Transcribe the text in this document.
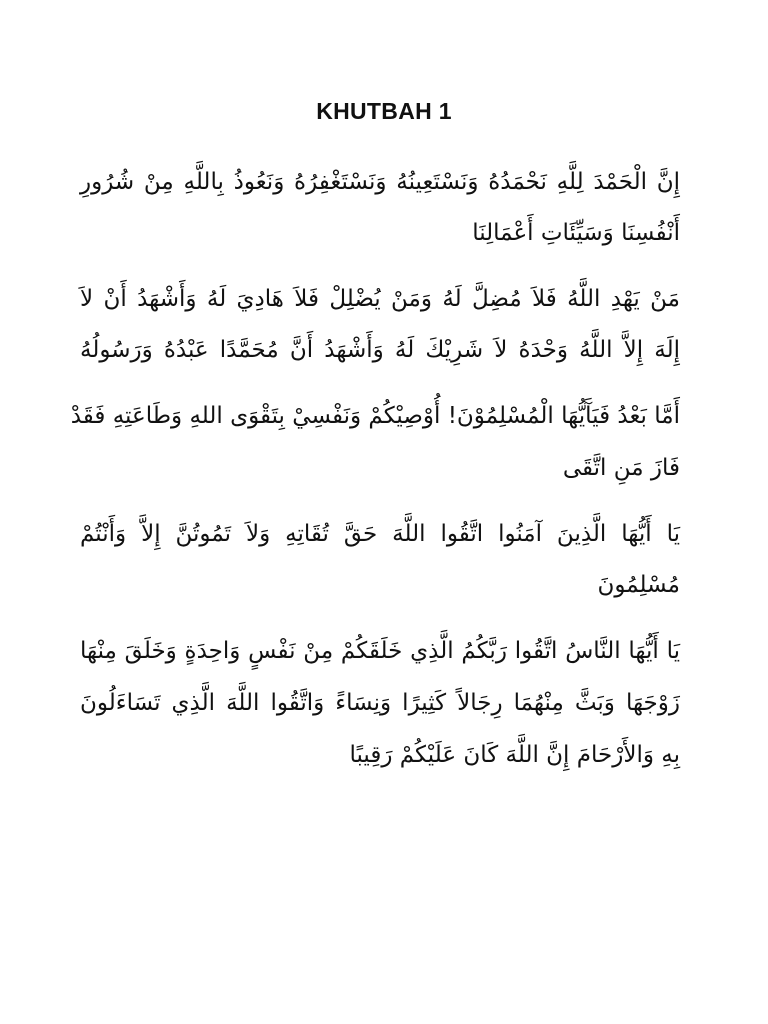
KHUTBAH 1

إِنَّ الْحَمْدَ لِلَّهِ نَحْمَدُهُ وَنَسْتَعِينُهُ وَنَسْتَغْفِرُهُ وَنَعُوذُ بِاللَّهِ مِنْ شُرُورِ

أَنْفُسِنَا وَسَيِّئَاتِ أَعْمَالِنَا

مَنْ يَهْدِ اللَّهُ فَلاَ مُضِلَّ لَهُ وَمَنْ يُضْلِلْ فَلاَ هَادِيَ لَهُ وَأَشْهَدُ أَنْ لاَ

إِلَهَ إِلاَّ اللَّهُ وَحْدَهُ لاَ شَرِيْكَ لَهُ وَأَشْهَدُ أَنَّ مُحَمَّدًا عَبْدُهُ وَرَسُولُهُ

أَمَّا بَعْدُ فَيَآَيُّهَا الْمُسْلِمُوْنَ! أُوْصِيْكُمْ وَنَفْسِيْ بِتَقْوَى اللهِ وَطَاعَتِهِ فَقَدْ

فَازَ مَنِ اتَّقَى

يَا أَيُّهَا الَّذِينَ آمَنُوا اتَّقُوا اللَّهَ حَقَّ تُقَاتِهِ وَلاَ تَمُوتُنَّ إِلاَّ وَأَنْتُمْ

مُسْلِمُونَ

يَا أَيُّهَا النَّاسُ اتَّقُوا رَبَّكُمُ الَّذِي خَلَقَكُمْ مِنْ نَفْسٍ وَاحِدَةٍ وَخَلَقَ مِنْهَا

زَوْجَهَا وَبَثَّ مِنْهُمَا رِجَالاً كَثِيرًا وَنِسَاءً وَاتَّقُوا اللَّهَ الَّذِي تَسَاءَلُونَ

بِهِ وَالأَرْحَامَ إِنَّ اللَّهَ كَانَ عَلَيْكُمْ رَقِيبًا
